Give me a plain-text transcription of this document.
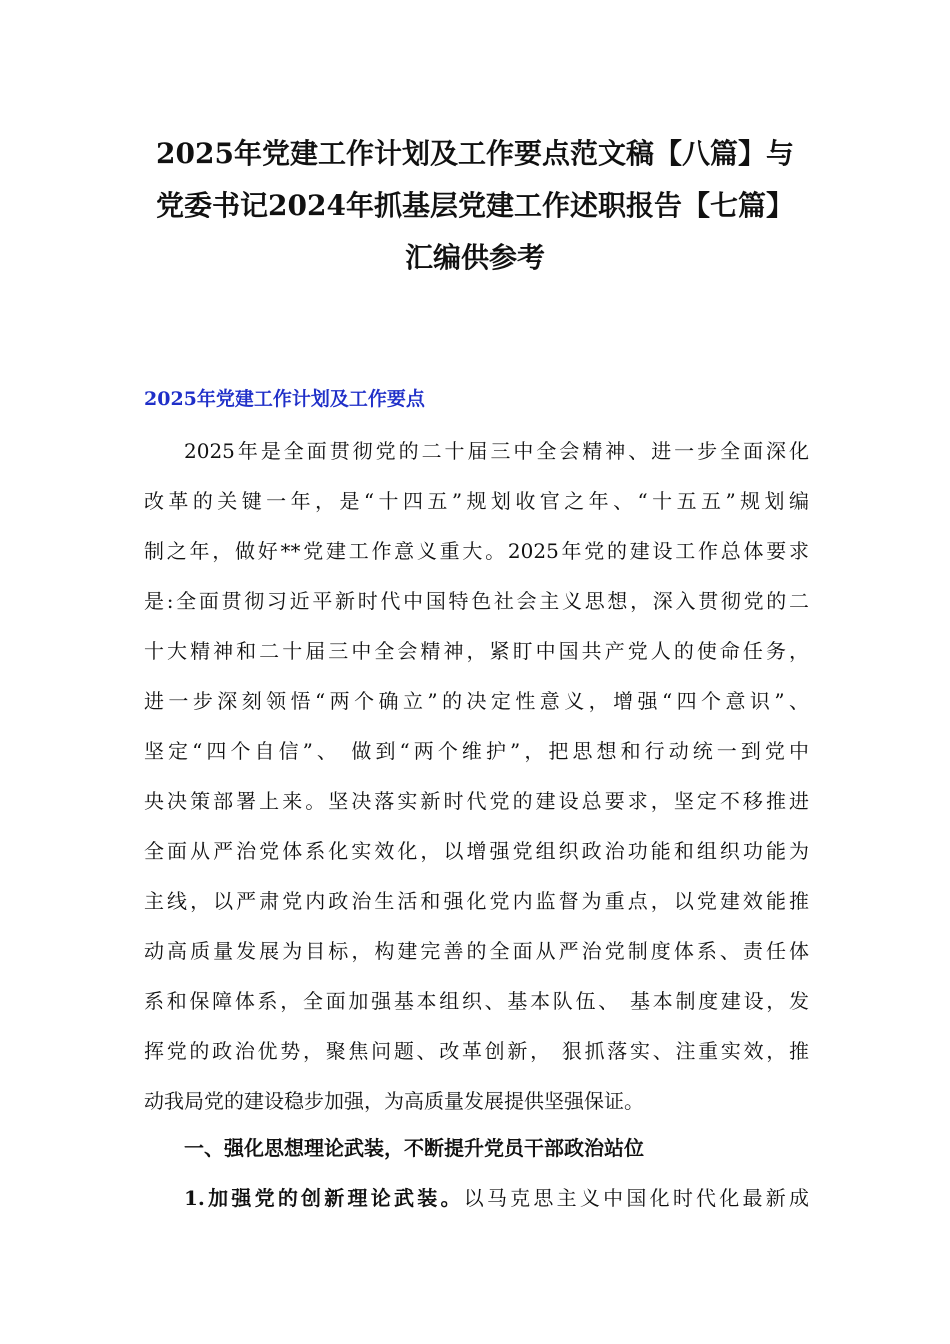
2025年党建工作计划及工作要点范文稿【八篇】与
党委书记2024年抓基层党建工作述职报告【七篇】
汇编供参考
2025年党建工作计划及工作要点
2025年是全面贯彻党的二十届三中全会精神、进一步全面深化
改革的关键一年，是“十四五”规划收官之年、“十五五”规划编
制之年，做好**党建工作意义重大。2025年党的建设工作总体要求
是:全面贯彻习近平新时代中国特色社会主义思想，深入贯彻党的二
十大精神和二十届三中全会精神，紧盯中国共产党人的使命任务，
进一步深刻领悟“两个确立”的决定性意义，增强“四个意识”、
坚定“四个自信”、 做到“两个维护”，把思想和行动统一到党中
央决策部署上来。坚决落实新时代党的建设总要求，坚定不移推进
全面从严治党体系化实效化，以增强党组织政治功能和组织功能为
主线，以严肃党内政治生活和强化党内监督为重点，以党建效能推
动高质量发展为目标，构建完善的全面从严治党制度体系、责任体
系和保障体系，全面加强基本组织、基本队伍、 基本制度建设，发
挥党的政治优势，聚焦问题、改革创新， 狠抓落实、注重实效，推
动我局党的建设稳步加强，为高质量发展提供坚强保证。
一、强化思想理论武装，不断提升党员干部政治站位
1.加强党的创新理论武装。以马克思主义中国化时代化最新成
